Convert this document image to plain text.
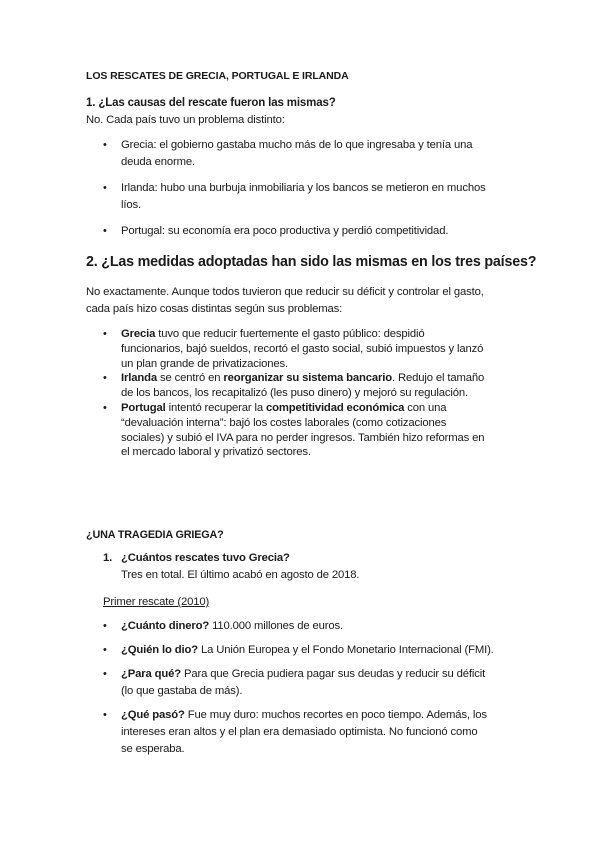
LOS RESCATES DE GRECIA, PORTUGAL E IRLANDA
1. ¿Las causas del rescate fueron las mismas?
No. Cada país tuvo un problema distinto:
• Grecia: el gobierno gastaba mucho más de lo que ingresaba y tenía una
deuda enorme.
• Irlanda: hubo una burbuja inmobiliaria y los bancos se metieron en muchos
líos.
• Portugal: su economía era poco productiva y perdió competitividad.
2. ¿Las medidas adoptadas han sido las mismas en los tres países?
No exactamente. Aunque todos tuvieron que reducir su déficit y controlar el gasto,
cada país hizo cosas distintas según sus problemas:
• Grecia tuvo que reducir fuertemente el gasto público: despidió
funcionarios, bajó sueldos, recortó el gasto social, subió impuestos y lanzó
un plan grande de privatizaciones.
• Irlanda se centró en reorganizar su sistema bancario. Redujo el tamaño
de los bancos, los recapitalizó (les puso dinero) y mejoró su regulación.
• Portugal intentó recuperar la competitividad económica con una
“devaluación interna”: bajó los costes laborales (como cotizaciones
sociales) y subió el IVA para no perder ingresos. También hizo reformas en
el mercado laboral y privatizó sectores.
¿UNA TRAGEDIA GRIEGA?
1. ¿Cuántos rescates tuvo Grecia?
Tres en total. El último acabó en agosto de 2018.
Primer rescate (2010)
• ¿Cuánto dinero? 110.000 millones de euros.
• ¿Quién lo dio? La Unión Europea y el Fondo Monetario Internacional (FMI).
• ¿Para qué? Para que Grecia pudiera pagar sus deudas y reducir su déficit
(lo que gastaba de más).
• ¿Qué pasó? Fue muy duro: muchos recortes en poco tiempo. Además, los
intereses eran altos y el plan era demasiado optimista. No funcionó como
se esperaba.
